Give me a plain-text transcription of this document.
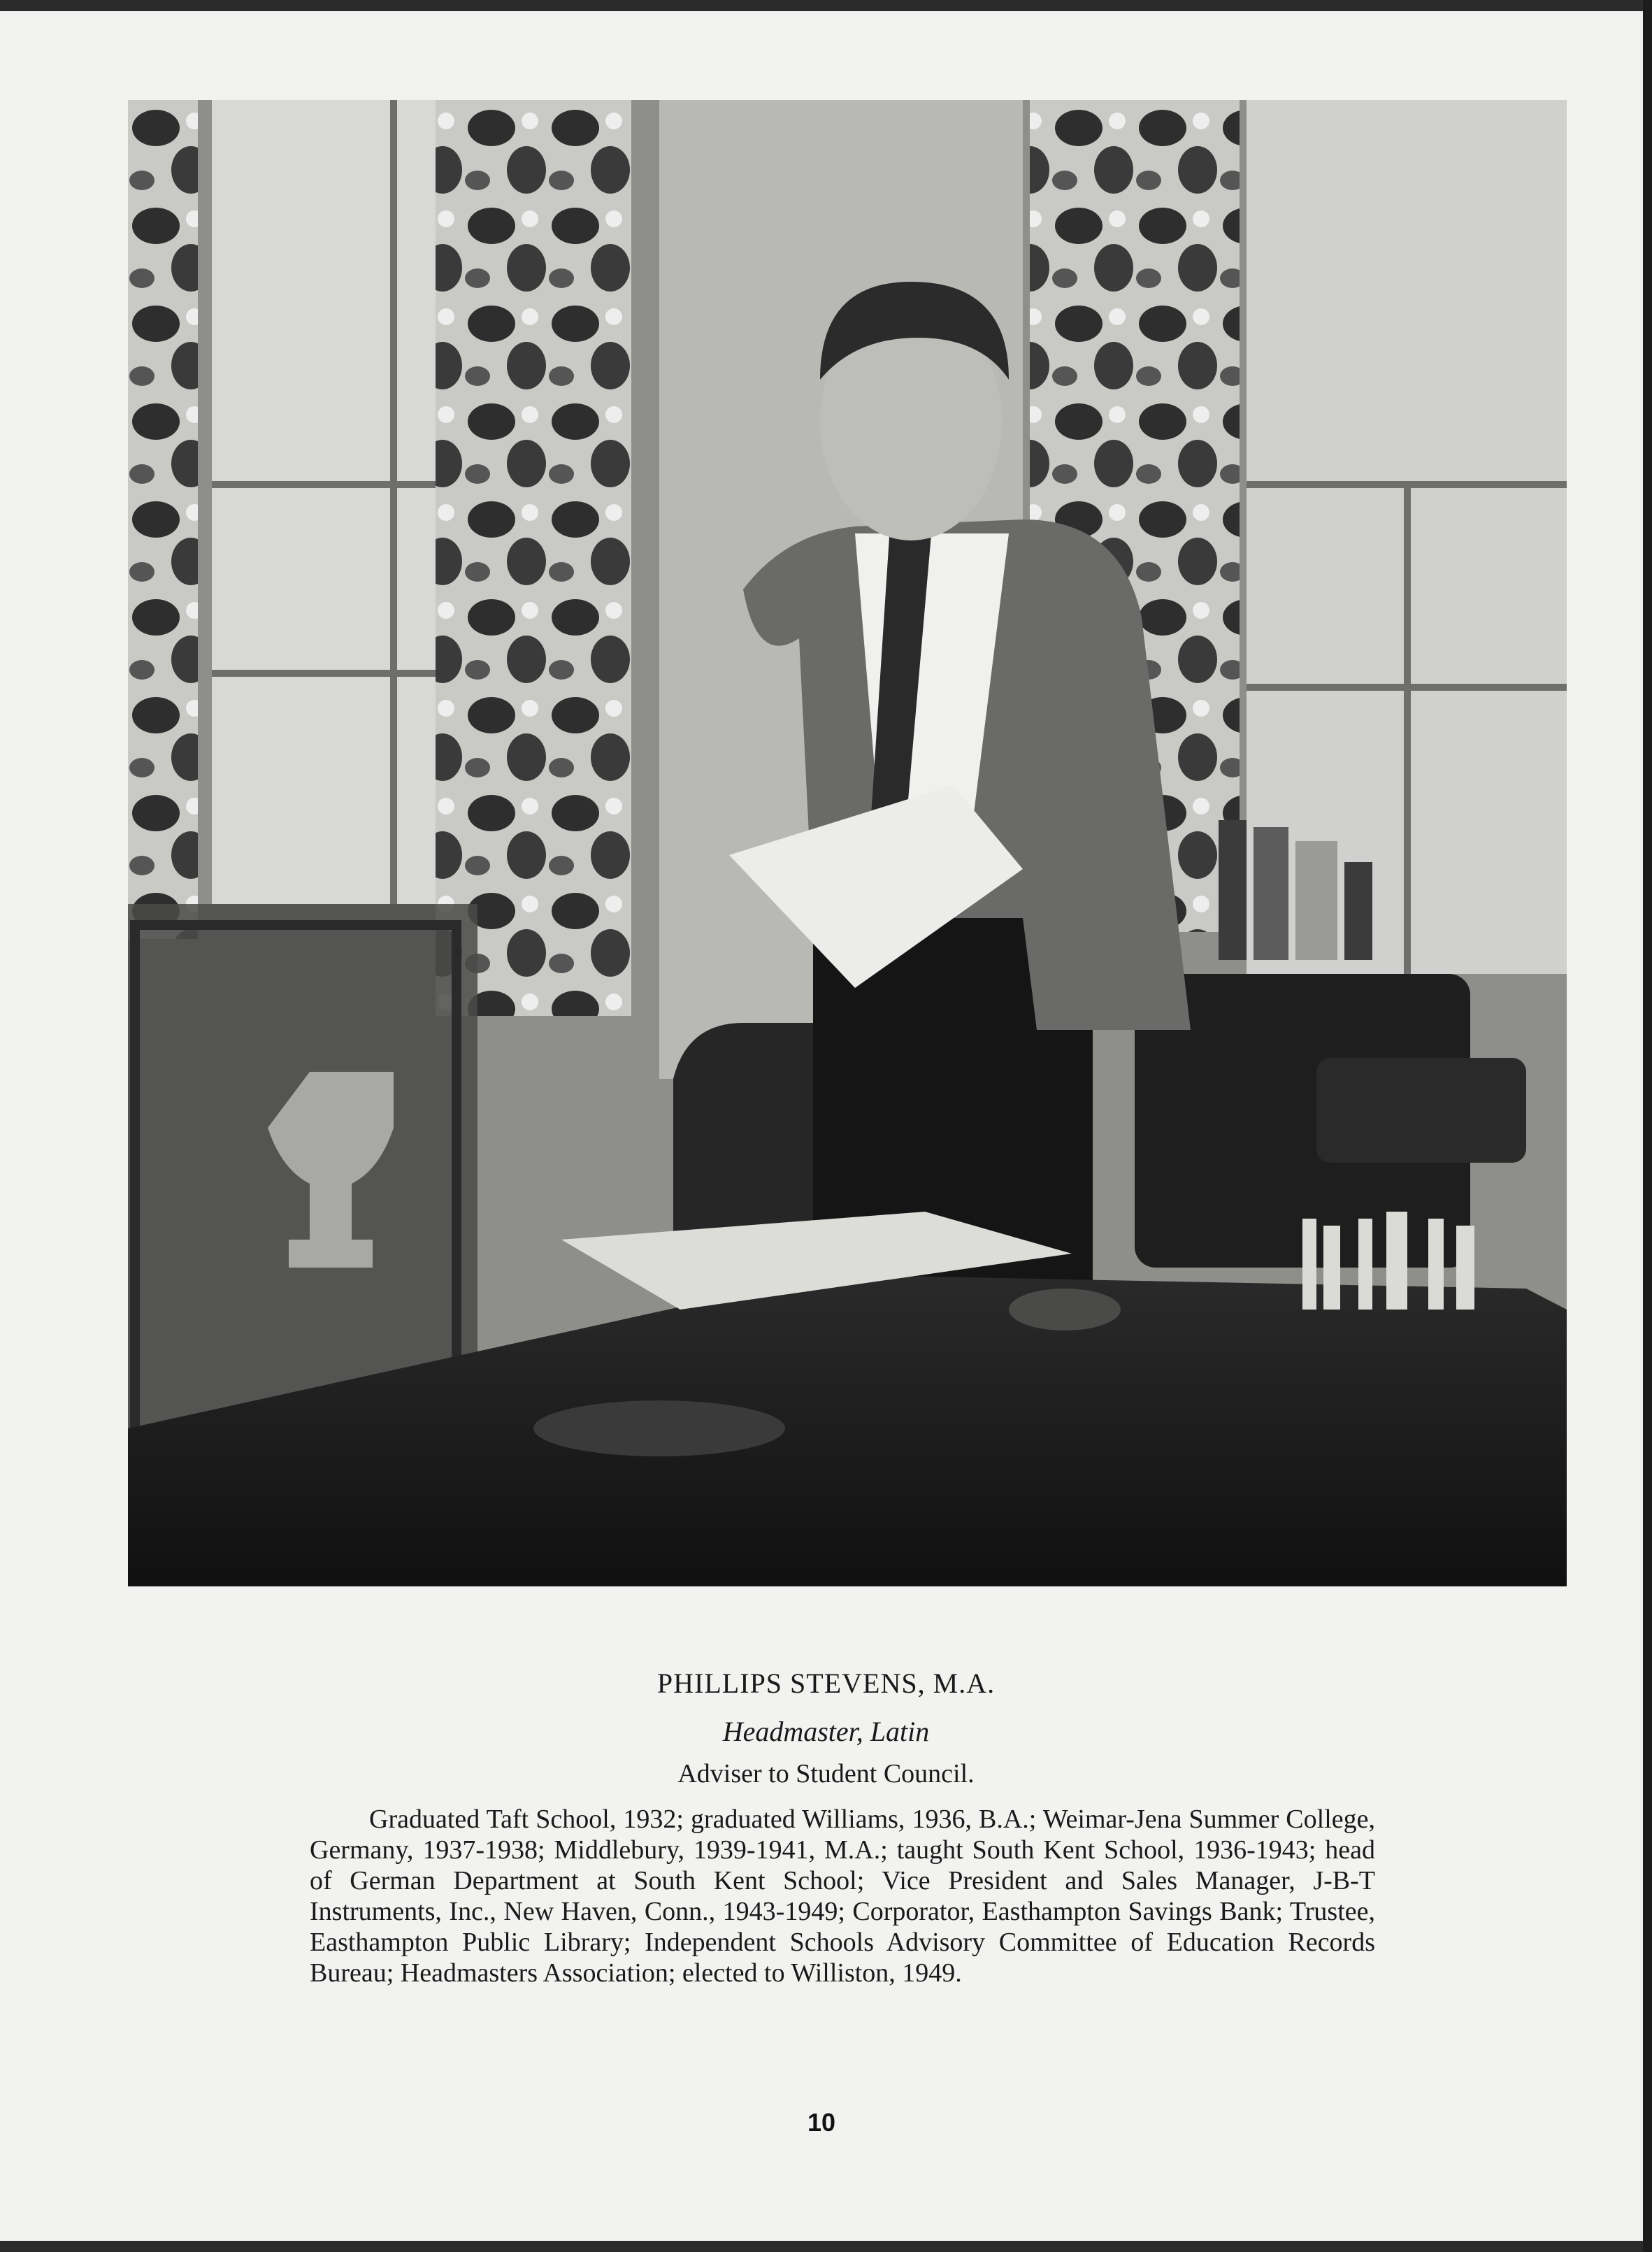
PHILLIPS STEVENS, M.A.
Headmaster, Latin
Adviser to Student Council.

Graduated Taft School, 1932; graduated Williams, 1936, B.A.; Weimar-Jena Summer College, Germany, 1937-1938; Middlebury, 1939-1941, M.A.; taught South Kent School, 1936-1943; head of German Department at South Kent School; Vice President and Sales Manager, J-B-T Instruments, Inc., New Haven, Conn., 1943-1949; Corporator, Easthampton Savings Bank; Trustee, Easthampton Public Library; Independent Schools Advisory Committee of Education Records Bureau; Headmasters Association; elected to Williston, 1949.

10
